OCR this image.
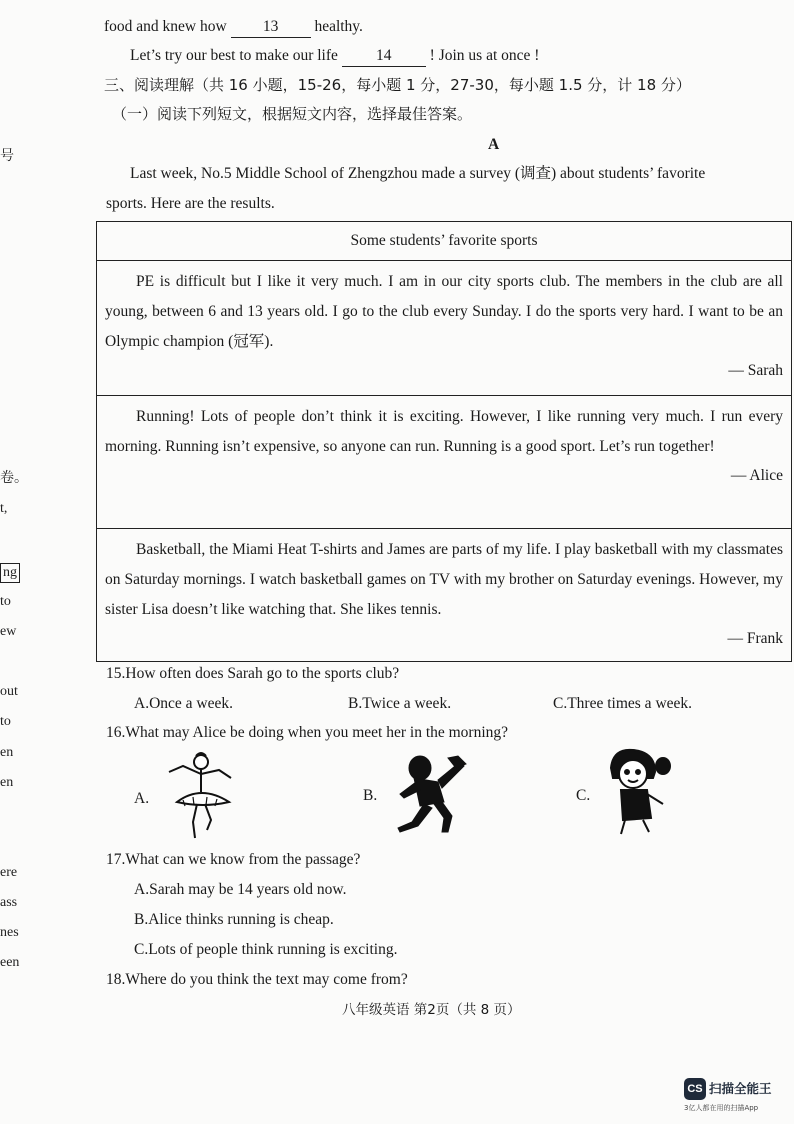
号
卷。
t,
ng
to
ew
out
to
en
en
ere
ass
nes
een
food and knew how 13 healthy.
Let’s try our best to make our life 14 ! Join us at once !
三、阅读理解（共 16 小题，15-26，每小题 1 分，27-30，每小题 1.5 分，计 18 分）
（一）阅读下列短文，根据短文内容，选择最佳答案。
A
Last week, No.5 Middle School of Zhengzhou made a survey (调查) about students’ favorite
sports. Here are the results.
Some students’ favorite sports

PE is difficult but I like it very much. I am in our city sports club. The members in the club are all young, between 6 and 13 years old. I go to the club every Sunday. I do the sports very hard. I want to be an Olympic champion (冠军).

— Sarah

Running! Lots of people don’t think it is exciting. However, I like running very much. I run every morning. Running isn’t expensive, so anyone can run. Running is a good sport. Let’s run together!

— Alice

Basketball, the Miami Heat T-shirts and James are parts of my life. I play basketball with my classmates on Saturday mornings. I watch basketball games on TV with my brother on Saturday evenings. However, my sister Lisa doesn’t like watching that. She likes tennis.

— Frank

15.How often does Sarah go to the sports club?
A.Once a week.	B.Twice a week.	C.Three times a week.
16.What may Alice be doing when you meet her in the morning?
A.	B.	C.
17.What can we know from the passage?
A.Sarah may be 14 years old now.
B.Alice thinks running is cheap.
C.Lots of people think running is exciting.
18.Where do you think the text may come from?
八年级英语 第2页（共 8 页）
CS 扫描全能王
3亿人都在用的扫描App
